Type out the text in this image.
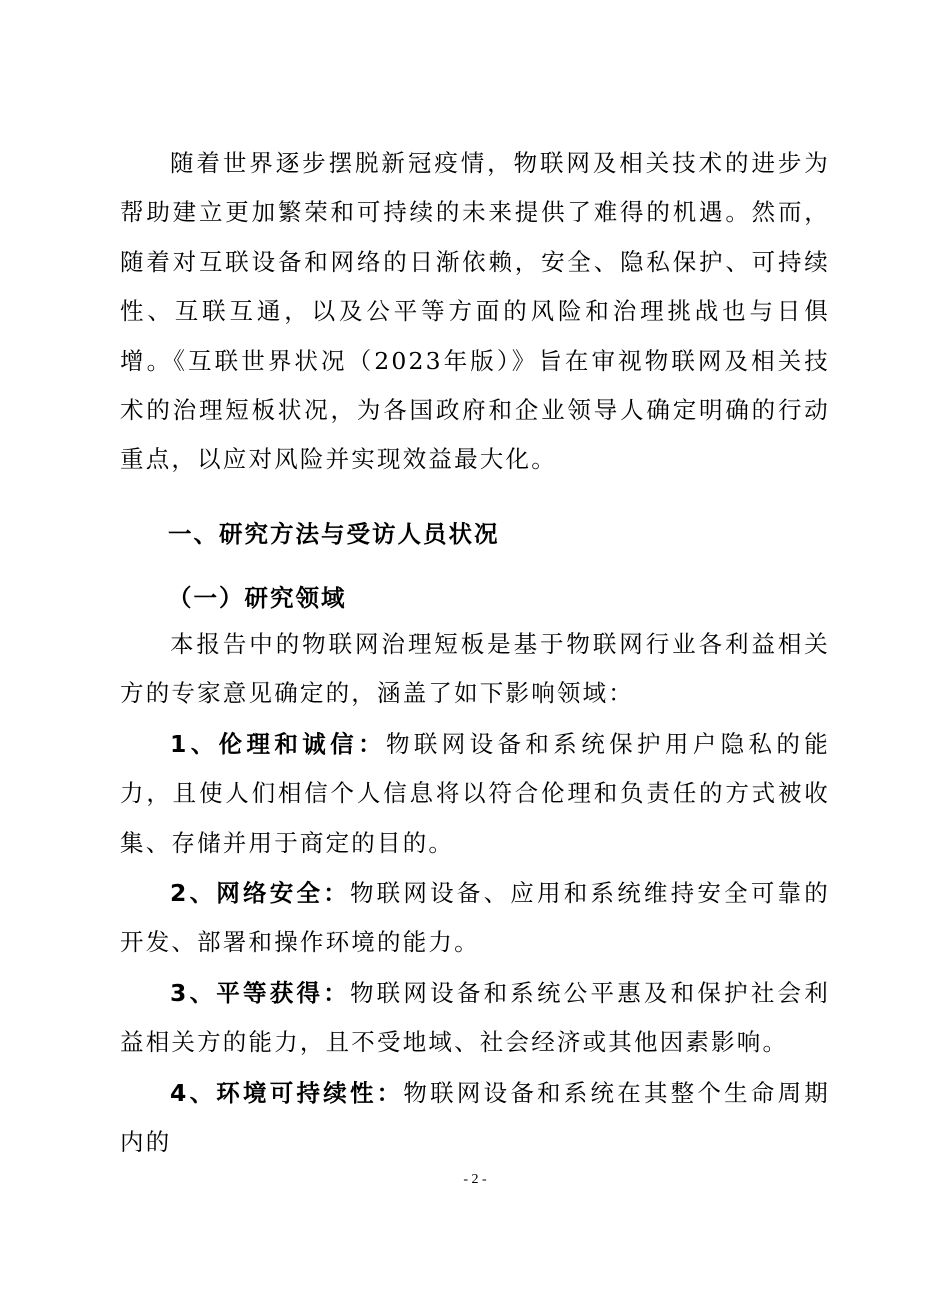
随着世界逐步摆脱新冠疫情，物联网及相关技术的进步为帮助建立更加繁荣和可持续的未来提供了难得的机遇。然而，随着对互联设备和网络的日渐依赖，安全、隐私保护、可持续性、互联互通，以及公平等方面的风险和治理挑战也与日俱增。《互联世界状况（2023年版）》旨在审视物联网及相关技术的治理短板状况，为各国政府和企业领导人确定明确的行动重点，以应对风险并实现效益最大化。

一、研究方法与受访人员状况
（一）研究领域

本报告中的物联网治理短板是基于物联网行业各利益相关方的专家意见确定的，涵盖了如下影响领域：

1、伦理和诚信：物联网设备和系统保护用户隐私的能力，且使人们相信个人信息将以符合伦理和负责任的方式被收集、存储并用于商定的目的。

2、网络安全：物联网设备、应用和系统维持安全可靠的开发、部署和操作环境的能力。

3、平等获得：物联网设备和系统公平惠及和保护社会利益相关方的能力，且不受地域、社会经济或其他因素影响。

4、环境可持续性：物联网设备和系统在其整个生命周期内的

- 2 -
